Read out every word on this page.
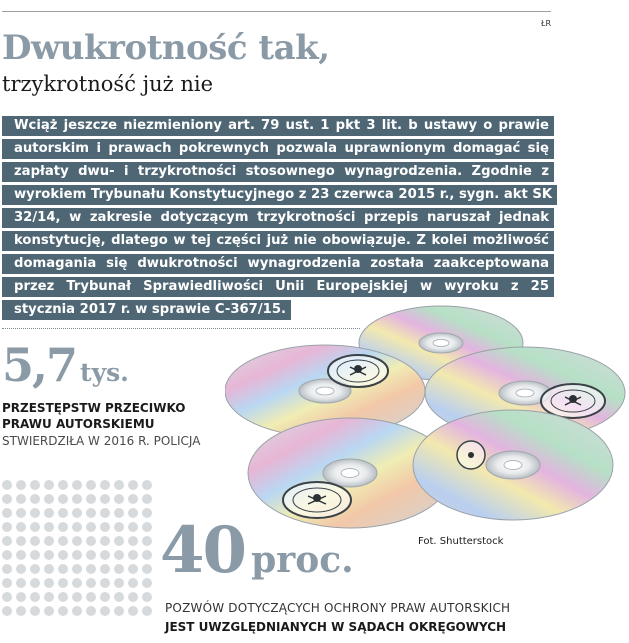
ŁR
Dwukrotność tak,
trzykrotność już nie
Wciąż jeszcze niezmieniony art. 79 ust. 1 pkt 3 lit. b ustawy o prawie autorskim i prawach pokrewnych pozwala uprawnionym domagać się zapłaty dwu- i trzykrotności stosownego wynagrodzenia. Zgodnie z wyrokiem Trybunału Konstytucyjnego z 23 czerwca 2015 r., sygn. akt SK 32/14, w zakresie dotyczącym trzykrotności przepis naruszał jednak konstytucję, dlatego w tej części już nie obowiązuje. Z kolei możliwość domagania się dwukrotności wynagrodzenia została zaakceptowana przez Trybunał Sprawiedliwości Unii Europejskiej w wyroku z 25 stycznia 2017 r. w sprawie C-367/15.
5,7 tys.
PRZESTĘPSTW PRZECIWKO
PRAWU AUTORSKIEMU
STWIERDZIŁA W 2016 R. POLICJA
Fot. Shutterstock
40 proc.
POZWÓW DOTYCZĄCYCH OCHRONY PRAW AUTORSKICH
JEST UWZGLĘDNIANYCH W SĄDACH OKRĘGOWYCH
